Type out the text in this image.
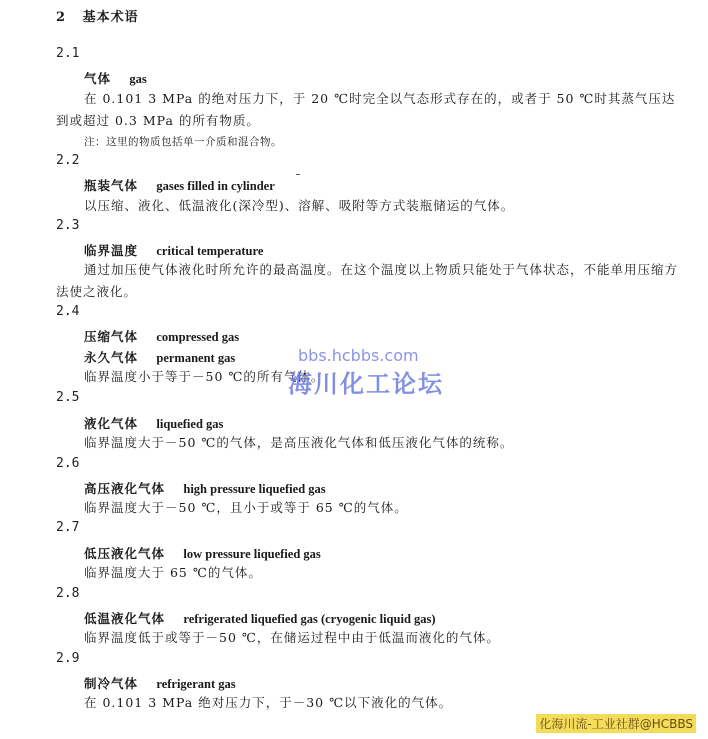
2 基本术语
2.1
气体 gas
在 0.101 3 MPa 的绝对压力下，于 20 ℃时完全以气态形式存在的，或者于 50 ℃时其蒸气压达到或超过 0.3 MPa 的所有物质。
注：这里的物质包括单一介质和混合物。
2.2
瓶装气体 gases filled in cylinder
以压缩、液化、低温液化(深冷型)、溶解、吸附等方式装瓶储运的气体。
2.3
临界温度 critical temperature
通过加压使气体液化时所允许的最高温度。在这个温度以上物质只能处于气体状态，不能单用压缩方法使之液化。
2.4
压缩气体 compressed gas
永久气体 permanent gas
临界温度小于等于－50 ℃的所有气体。
2.5
液化气体 liquefied gas
临界温度大于－50 ℃的气体，是高压液化气体和低压液化气体的统称。
2.6
高压液化气体 high pressure liquefied gas
临界温度大于－50 ℃，且小于或等于 65 ℃的气体。
2.7
低压液化气体 low pressure liquefied gas
临界温度大于 65 ℃的气体。
2.8
低温液化气体 refrigerated liquefied gas (cryogenic liquid gas)
临界温度低于或等于－50 ℃，在储运过程中由于低温而液化的气体。
2.9
制冷气体 refrigerant gas
在 0.101 3 MPa 绝对压力下，于－30 ℃以下液化的气体。
bbs.hcbbs.com
海川化工论坛
化海川流-工业社群@HCBBS
